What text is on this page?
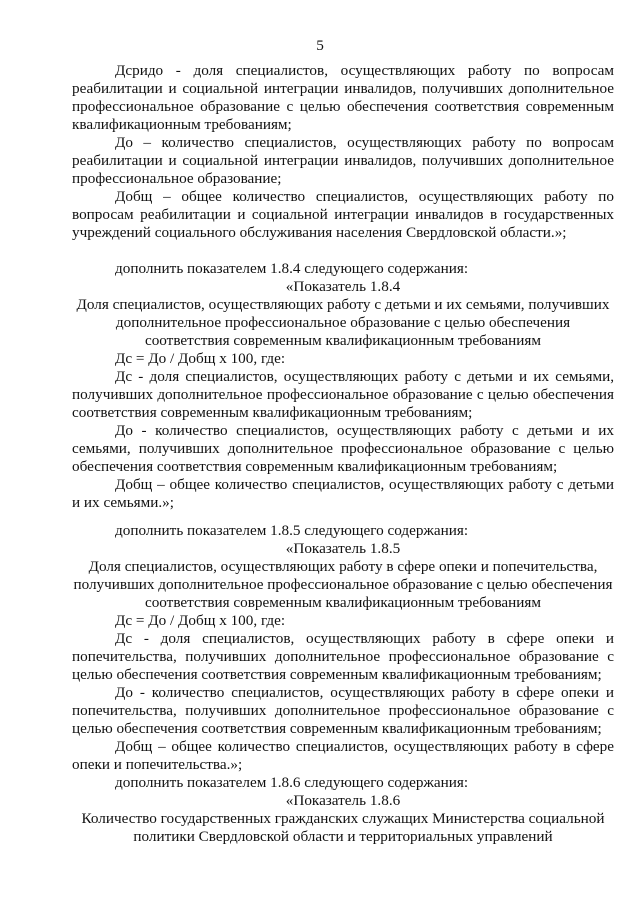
5

Дсридо - доля специалистов, осуществляющих работу по вопросам реабилитации и социальной интеграции инвалидов, получивших дополнительное профессиональное образование с целью обеспечения соответствия современным квалификационным требованиям;

До – количество специалистов, осуществляющих работу по вопросам реабилитации и социальной интеграции инвалидов, получивших дополнительное профессиональное образование;

Добщ – общее количество специалистов, осуществляющих работу по вопросам реабилитации и социальной интеграции инвалидов в государственных учреждений социального обслуживания населения Свердловской области.»;

дополнить показателем 1.8.4 следующего содержания:

«Показатель 1.8.4

Доля специалистов, осуществляющих работу с детьми и их семьями, получивших дополнительное профессиональное образование с целью обеспечения соответствия современным квалификационным требованиям

Дс = До / Добщ x 100, где:

Дс - доля специалистов, осуществляющих работу с детьми и их семьями, получивших дополнительное профессиональное образование с целью обеспечения соответствия современным квалификационным требованиям;

До - количество специалистов, осуществляющих работу с детьми и их семьями, получивших дополнительное профессиональное образование с целью обеспечения соответствия современным квалификационным требованиям;

Добщ – общее количество специалистов, осуществляющих работу с детьми и их семьями.»;

дополнить показателем 1.8.5 следующего содержания:

«Показатель 1.8.5

Доля специалистов, осуществляющих работу в сфере опеки и попечительства, получивших дополнительное профессиональное образование с целью обеспечения соответствия современным квалификационным требованиям

Дс = До / Добщ x 100, где:

Дс - доля специалистов, осуществляющих работу в сфере опеки и попечительства, получивших дополнительное профессиональное образование с целью обеспечения соответствия современным квалификационным требованиям;

До - количество специалистов, осуществляющих работу в сфере опеки и попечительства, получивших дополнительное профессиональное образование с целью обеспечения соответствия современным квалификационным требованиям;

Добщ – общее количество специалистов, осуществляющих работу в сфере опеки и попечительства.»;

дополнить показателем 1.8.6 следующего содержания:

«Показатель 1.8.6

Количество государственных гражданских служащих Министерства социальной политики Свердловской области и территориальных управлений
